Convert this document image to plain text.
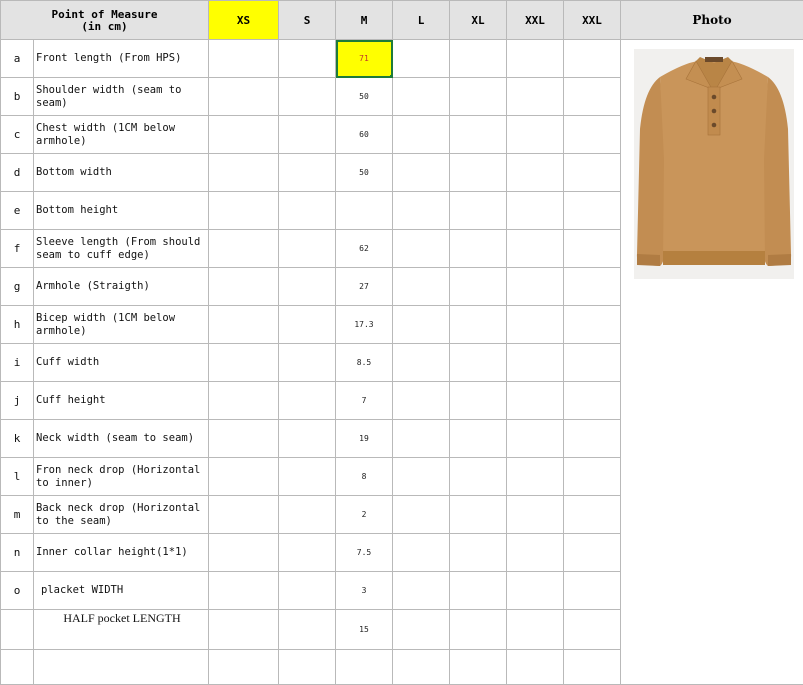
Point of Measure
(in cm)		XS	S	M	L	XL	XXL	XXL	Photo
a	Front length (From HPS)			71					
b	Shoulder width (seam to seam)			50					
c	Chest width (1CM below armhole)			60					
d	Bottom width			50					
e	Bottom height								
f	Sleeve length (From should seam to cuff edge)			62					
g	Armhole (Straigth)			27					
h	Bicep width (1CM below armhole)			17.3					
i	Cuff width			8.5					
j	Cuff height			7					
k	Neck width (seam to seam)			19					
l	Fron neck drop (Horizontal to inner)			8					
m	Back neck drop (Horizontal to the seam)			2					
n	Inner collar height(1*1)			7.5					
o	placket WIDTH			3					
	HALF pocket LENGTH			15					
